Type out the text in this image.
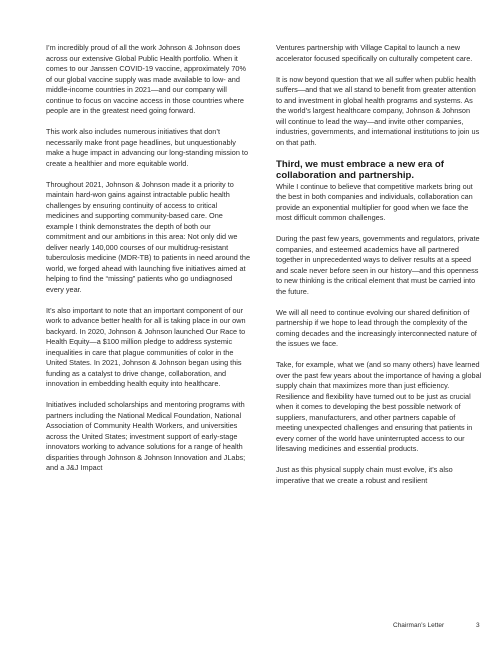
I’m incredibly proud of all the work Johnson & Johnson does across our extensive Global Public Health portfolio. When it comes to our Janssen COVID-19 vaccine, approximately 70% of our global vaccine supply was made available to low- and middle-income countries in 2021—and our company will continue to focus on vaccine access in those countries where people are in the greatest need going forward.

This work also includes numerous initiatives that don’t necessarily make front page headlines, but unquestionably make a huge impact in advancing our long-standing mission to create a healthier and more equitable world.

Throughout 2021, Johnson & Johnson made it a priority to maintain hard-won gains against intractable public health challenges by ensuring continuity of access to critical medicines and supporting community-based care. One example I think demonstrates the depth of both our commitment and our ambitions in this area: Not only did we deliver nearly 140,000 courses of our multidrug-resistant tuberculosis medicine (MDR-TB) to patients in need around the world, we forged ahead with launching five initiatives aimed at helping to find the “missing” patients who go undiagnosed every year.

It’s also important to note that an important component of our work to advance better health for all is taking place in our own backyard. In 2020, Johnson & Johnson launched Our Race to Health Equity—a $100 million pledge to address systemic inequalities in care that plague communities of color in the United States. In 2021, Johnson & Johnson began using this funding as a catalyst to drive change, collaboration, and innovation in embedding health equity into healthcare.

Initiatives included scholarships and mentoring programs with partners including the National Medical Foundation, National Association of Community Health Workers, and universities across the United States; investment support of early-stage innovators working to advance solutions for a range of health disparities through Johnson & Johnson Innovation and JLabs; and a J&J Impact

Ventures partnership with Village Capital to launch a new accelerator focused specifically on culturally competent care.

It is now beyond question that we all suffer when public health suffers—and that we all stand to benefit from greater attention to and investment in global health programs and systems. As the world’s largest healthcare company, Johnson & Johnson will continue to lead the way—and invite other companies, industries, governments, and international institutions to join us on that path.

Third, we must embrace a new era of collaboration and partnership.

While I continue to believe that competitive markets bring out the best in both companies and individuals, collaboration can provide an exponential multiplier for good when we face the most difficult common challenges.

During the past few years, governments and regulators, private companies, and esteemed academics have all partnered together in unprecedented ways to deliver results at a speed and scale never before seen in our history—and this openness to new thinking is the critical element that must be carried into the future.

We will all need to continue evolving our shared definition of partnership if we hope to lead through the complexity of the coming decades and the increasingly interconnected nature of the issues we face.

Take, for example, what we (and so many others) have learned over the past few years about the importance of having a global supply chain that maximizes more than just efficiency. Resilience and flexibility have turned out to be just as crucial when it comes to developing the best possible network of suppliers, manufacturers, and other partners capable of meeting unexpected challenges and ensuring that patients in every corner of the world have uninterrupted access to our lifesaving medicines and essential products.

Just as this physical supply chain must evolve, it’s also imperative that we create a robust and resilient

Chairman’s Letter	3
